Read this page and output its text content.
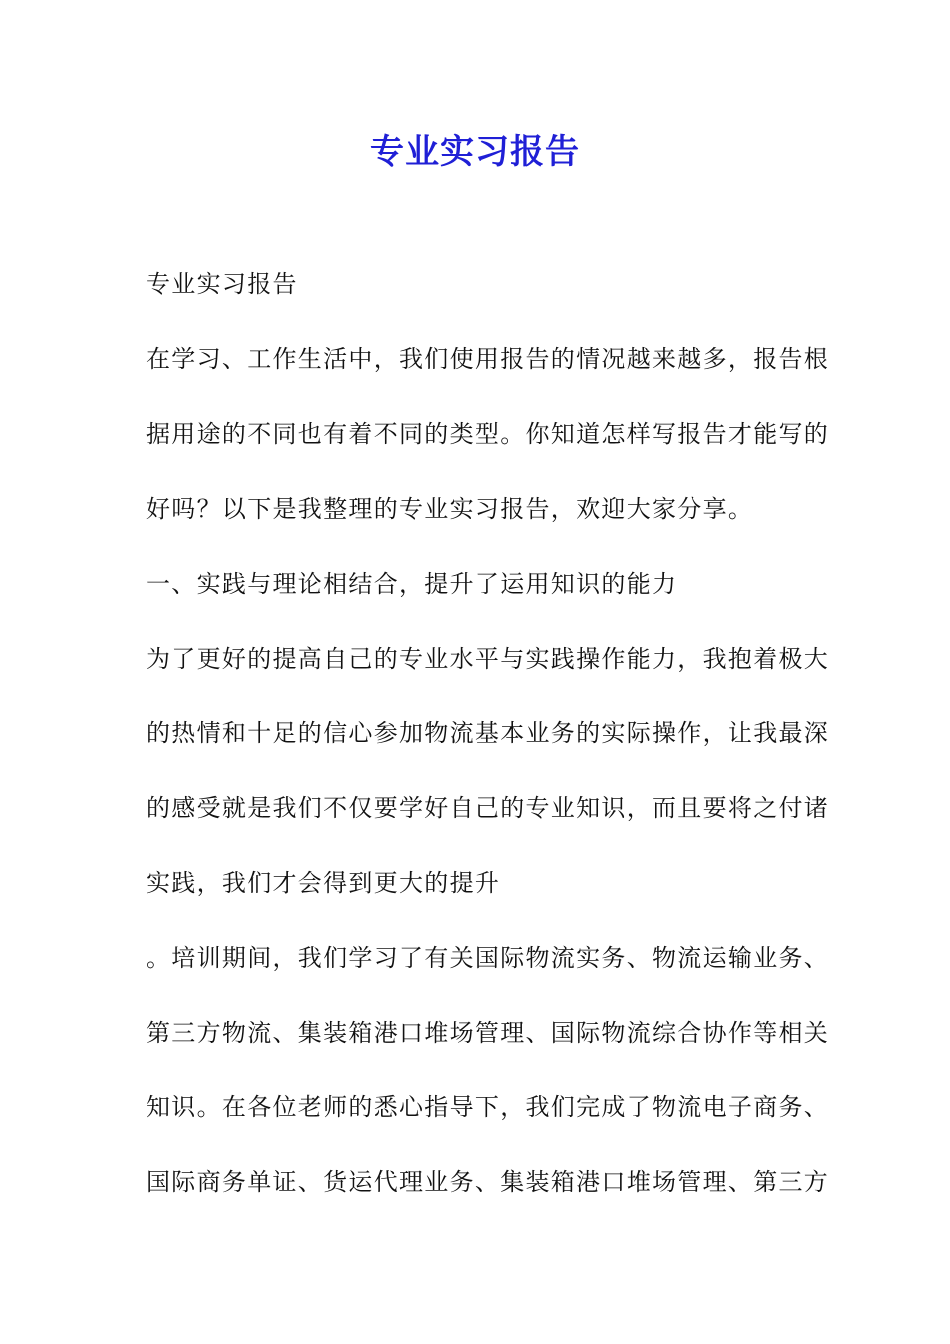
专业实习报告
专业实习报告
在学习、工作生活中，我们使用报告的情况越来越多，报告根
据用途的不同也有着不同的类型。你知道怎样写报告才能写的
好吗？以下是我整理的专业实习报告，欢迎大家分享。
一、实践与理论相结合，提升了运用知识的能力
为了更好的提高自己的专业水平与实践操作能力，我抱着极大
的热情和十足的信心参加物流基本业务的实际操作，让我最深
的感受就是我们不仅要学好自己的专业知识，而且要将之付诸
实践，我们才会得到更大的提升
。培训期间，我们学习了有关国际物流实务、物流运输业务、
第三方物流、集装箱港口堆场管理、国际物流综合协作等相关
知识。在各位老师的悉心指导下，我们完成了物流电子商务、
国际商务单证、货运代理业务、集装箱港口堆场管理、第三方
